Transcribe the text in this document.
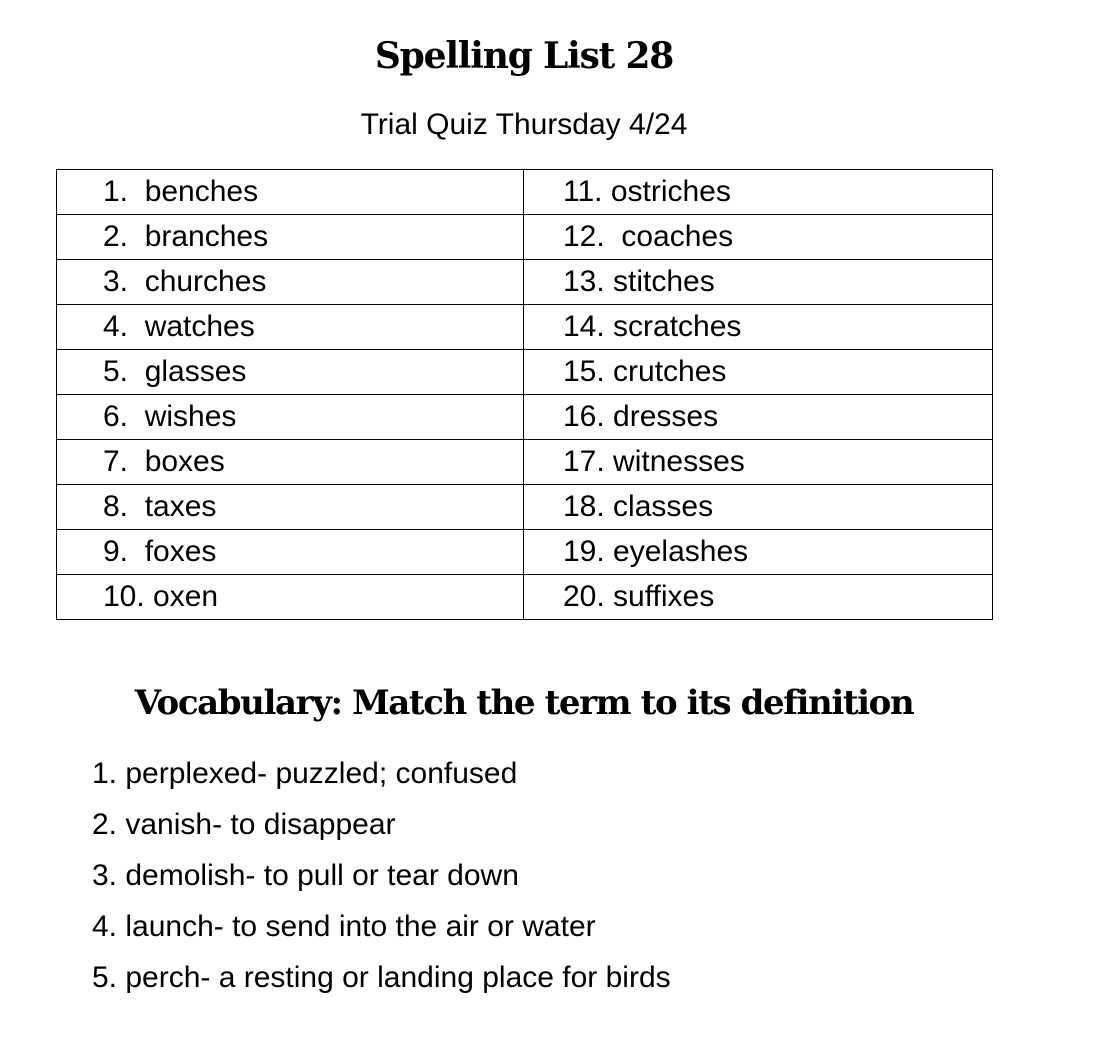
Spelling List 28
Trial Quiz Thursday 4/24
1.  benches	11. ostriches
2.  branches	12.  coaches
3.  churches	13. stitches
4.  watches	14. scratches
5.  glasses	15. crutches
6.  wishes	16. dresses
7.  boxes	17. witnesses
8.  taxes	18. classes
9.  foxes	19. eyelashes
10. oxen	20. suffixes
Vocabulary: Match the term to its definition
1. perplexed- puzzled; confused
2. vanish- to disappear
3. demolish- to pull or tear down
4. launch- to send into the air or water
5. perch- a resting or landing place for birds
